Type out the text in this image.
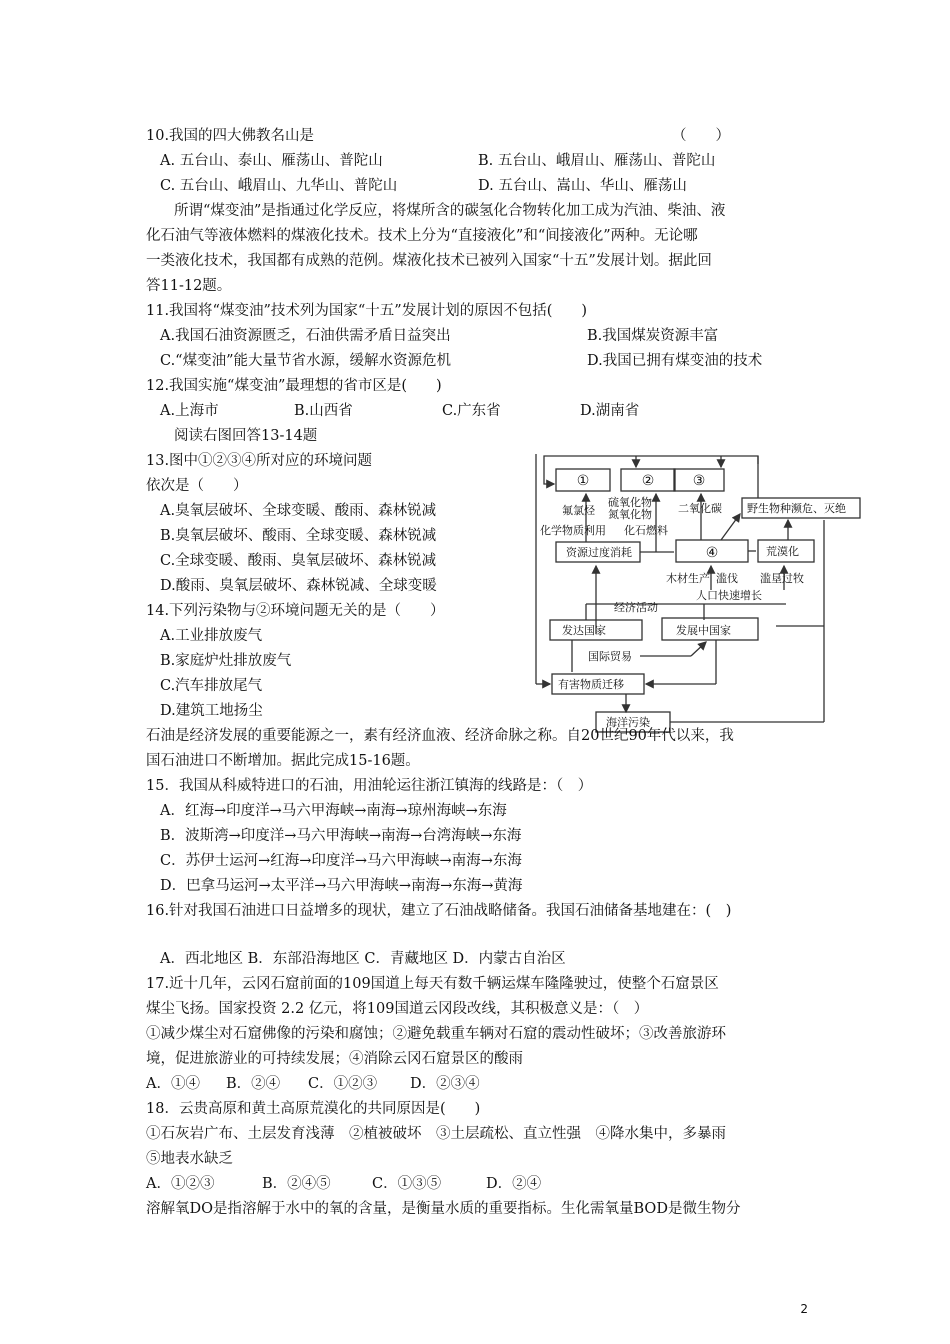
10.我国的四大佛教名山是	（　　）
A. 五台山、泰山、雁荡山、普陀山	B. 五台山、峨眉山、雁荡山、普陀山
C. 五台山、峨眉山、九华山、普陀山	D. 五台山、嵩山、华山、雁荡山
所谓“煤变油”是指通过化学反应，将煤所含的碳氢化合物转化加工成为汽油、柴油、液
化石油气等液体燃料的煤液化技术。技术上分为“直接液化”和“间接液化”两种。无论哪
一类液化技术，我国都有成熟的范例。煤液化技术已被列入国家“十五”发展计划。据此回
答11-12题。
11.我国将“煤变油”技术列为国家“十五”发展计划的原因不包括(　　)
A.我国石油资源匮乏，石油供需矛盾日益突出	B.我国煤炭资源丰富
C.“煤变油”能大量节省水源，缓解水资源危机	D.我国已拥有煤变油的技术
12.我国实施“煤变油”最理想的省市区是(　　)
A.上海市	B.山西省	C.广东省	D.湖南省
阅读右图回答13-14题
13.图中①②③④所对应的环境问题
依次是（　　）
A.臭氧层破坏、全球变暖、酸雨、森林锐减
B.臭氧层破坏、酸雨、全球变暖、森林锐减
C.全球变暖、酸雨、臭氧层破坏、森林锐减
D.酸雨、臭氧层破坏、森林锐减、全球变暖
14.下列污染物与②环境问题无关的是（　　）
A.工业排放废气
B.家庭炉灶排放废气
C.汽车排放尾气
D.建筑工地扬尘
①	②	③
④
氟氯烃
硫氧化物
氮氧化物 二氧化碳
化学物质利用 化石燃料
野生物种濒危、灭绝
资源过度消耗	荒漠化
木材生产 滥伐 滥垦过牧
人口快速增长
经济活动
发达国家	发展中国家
国际贸易
有害物质迁移
海洋污染
石油是经济发展的重要能源之一，素有经济血液、经济命脉之称。自20世纪90年代以来，我
国石油进口不断增加。据此完成15-16题。
15．我国从科威特进口的石油，用油轮运往浙江镇海的线路是：（　）
A．红海→印度洋→马六甲海峡→南海→琼州海峡→东海
B．波斯湾→印度洋→马六甲海峡→南海→台湾海峡→东海
C．苏伊士运河→红海→印度洋→马六甲海峡→南海→东海
D．巴拿马运河→太平洋→马六甲海峡→南海→东海→黄海
16.针对我国石油进口日益增多的现状，建立了石油战略储备。我国石油储备基地建在：(　)
A．西北地区 B．东部沿海地区 C．青藏地区 D．内蒙古自治区
17.近十几年，云冈石窟前面的109国道上每天有数千辆运煤车隆隆驶过，使整个石窟景区
煤尘飞扬。国家投资 2.2 亿元，将109国道云冈段改线，其积极意义是：（　）
①减少煤尘对石窟佛像的污染和腐蚀；②避免载重车辆对石窟的震动性破坏；③改善旅游环
境，促进旅游业的可持续发展；④消除云冈石窟景区的酸雨
A．①④ B．②④ C．①②③ D．②③④
18．云贵高原和黄土高原荒漠化的共同原因是(　　)
①石灰岩广布、土层发育浅薄　②植被破坏　③土层疏松、直立性强　④降水集中，多暴雨
⑤地表水缺乏
A．①②③	B．②④⑤	C．①③⑤	D．②④
溶解氧DO是指溶解于水中的氧的含量，是衡量水质的重要指标。生化需氧量BOD是微生物分
2
